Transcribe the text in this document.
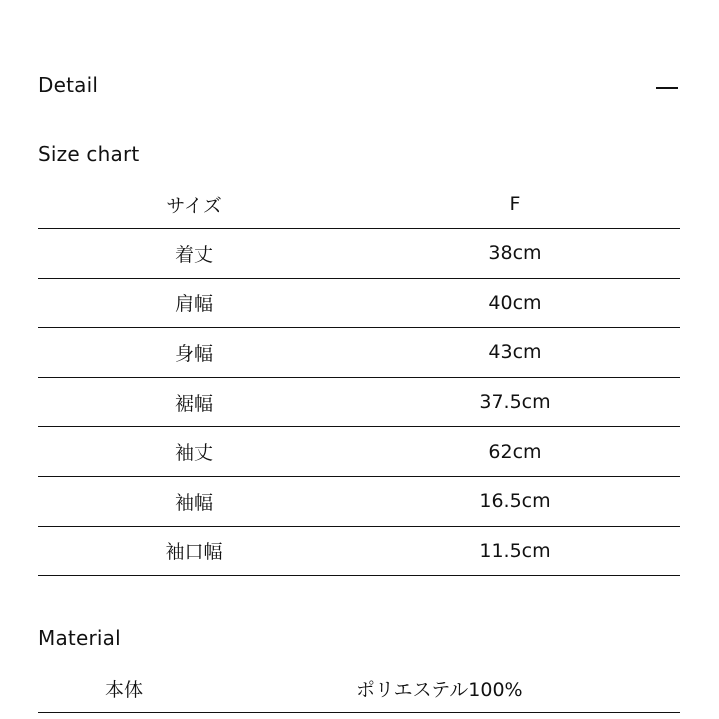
Detail
Size chart
サイズ	F
着丈	38cm
肩幅	40cm
身幅	43cm
裾幅	37.5cm
袖丈	62cm
袖幅	16.5cm
袖口幅	11.5cm
Material
本体	ポリエステル100%
